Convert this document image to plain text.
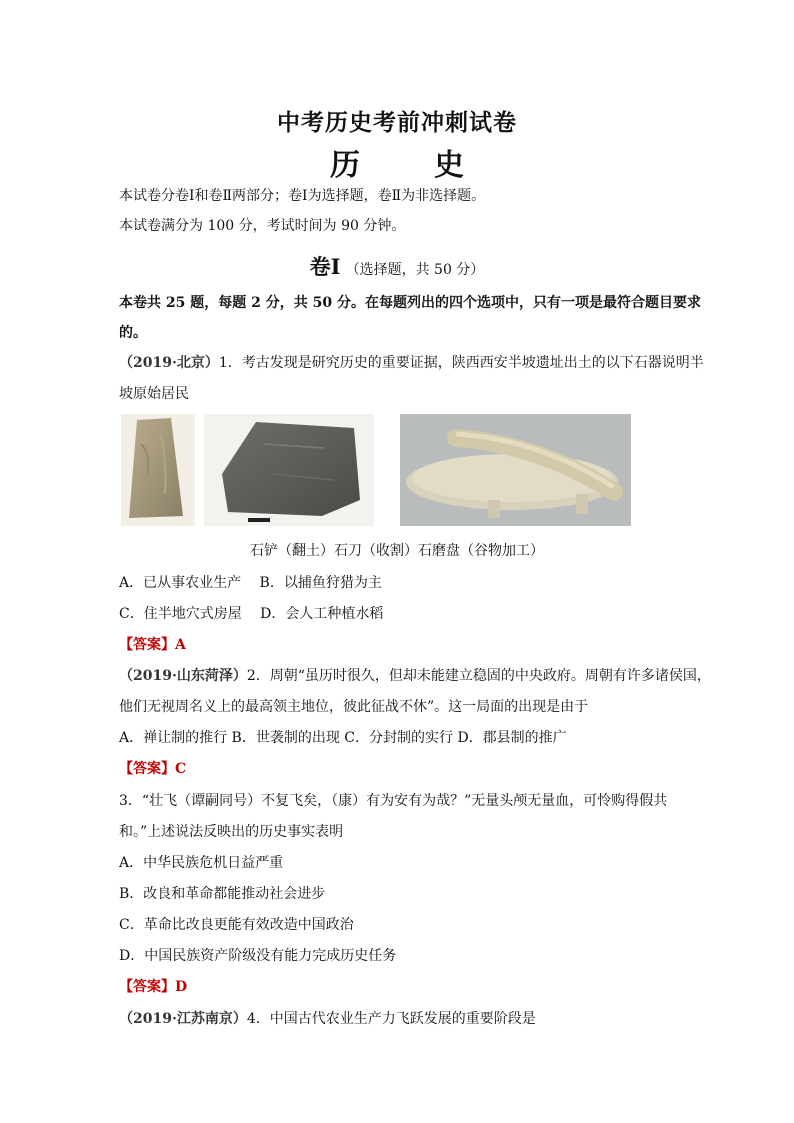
中考历史考前冲刺试卷
历　史
本试卷分卷Ⅰ和卷Ⅱ两部分；卷Ⅰ为选择题，卷Ⅱ为非选择题。
本试卷满分为 100 分，考试时间为 90 分钟。
卷Ⅰ （选择题，共 50 分）
本卷共 25 题，每题 2 分，共 50 分。在每题列出的四个选项中，只有一项是最符合题目要求
的。
（2019·北京）1．考古发现是研究历史的重要证据，陕西西安半坡遗址出土的以下石器说明半
坡原始居民
石铲（翻土）石刀（收割）石磨盘（谷物加工）
A．已从事农业生产　 B．以捕鱼狩猎为主
C．住半地穴式房屋　 D．会人工种植水稻
【答案】A
（2019·山东菏泽）2．周朝“虽历时很久，但却未能建立稳固的中央政府。周朝有许多诸侯国，
他们无视周名义上的最高领主地位，彼此征战不休”。这一局面的出现是由于
A．禅让制的推行 B．世袭制的出现 C．分封制的实行 D．郡县制的推广
【答案】C
3．“壮飞（谭嗣同号）不复飞矣，（康）有为安有为哉？”无量头颅无量血，可怜购得假共
和。”上述说法反映出的历史事实表明
A．中华民族危机日益严重
B．改良和革命都能推动社会进步
C．革命比改良更能有效改造中国政治
D．中国民族资产阶级没有能力完成历史任务
【答案】D
（2019·江苏南京）4．中国古代农业生产力飞跃发展的重要阶段是
